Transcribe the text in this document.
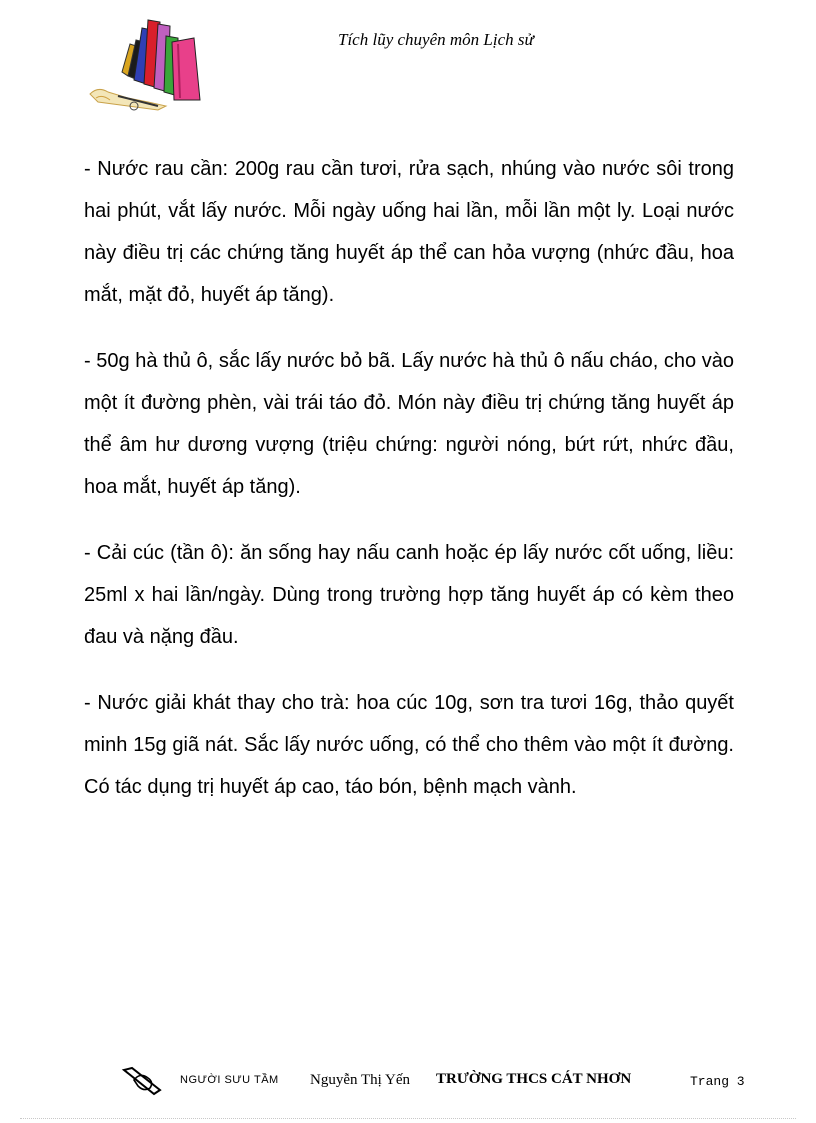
Tích lũy chuyên môn Lịch sử

- Nước rau cần: 200g rau cần tươi, rửa sạch, nhúng vào nước sôi trong hai phút, vắt lấy nước. Mỗi ngày uống hai lần, mỗi lần một ly. Loại nước này điều trị các chứng tăng huyết áp thể can hỏa vượng (nhức đầu, hoa mắt, mặt đỏ, huyết áp tăng).

- 50g hà thủ ô, sắc lấy nước bỏ bã. Lấy nước hà thủ ô nấu cháo, cho vào một ít đường phèn, vài trái táo đỏ. Món này điều trị chứng tăng huyết áp thể âm hư dương vượng (triệu chứng: người nóng, bứt rứt, nhức đầu, hoa mắt, huyết áp tăng).

- Cải cúc (tần ô): ăn sống hay nấu canh hoặc ép lấy nước cốt uống, liều: 25ml x hai lần/ngày. Dùng trong trường hợp tăng huyết áp có kèm theo đau và nặng đầu.

- Nước giải khát thay cho trà: hoa cúc 10g, sơn tra tươi 16g, thảo quyết minh 15g giã nát. Sắc lấy nước uống, có thể cho thêm vào một ít đường. Có tác dụng trị huyết áp cao, táo bón, bệnh mạch vành.

NGƯỜI SƯU TẦM Nguyễn Thị Yến TRƯỜNG THCS CÁT NHƠN	Trang 3
